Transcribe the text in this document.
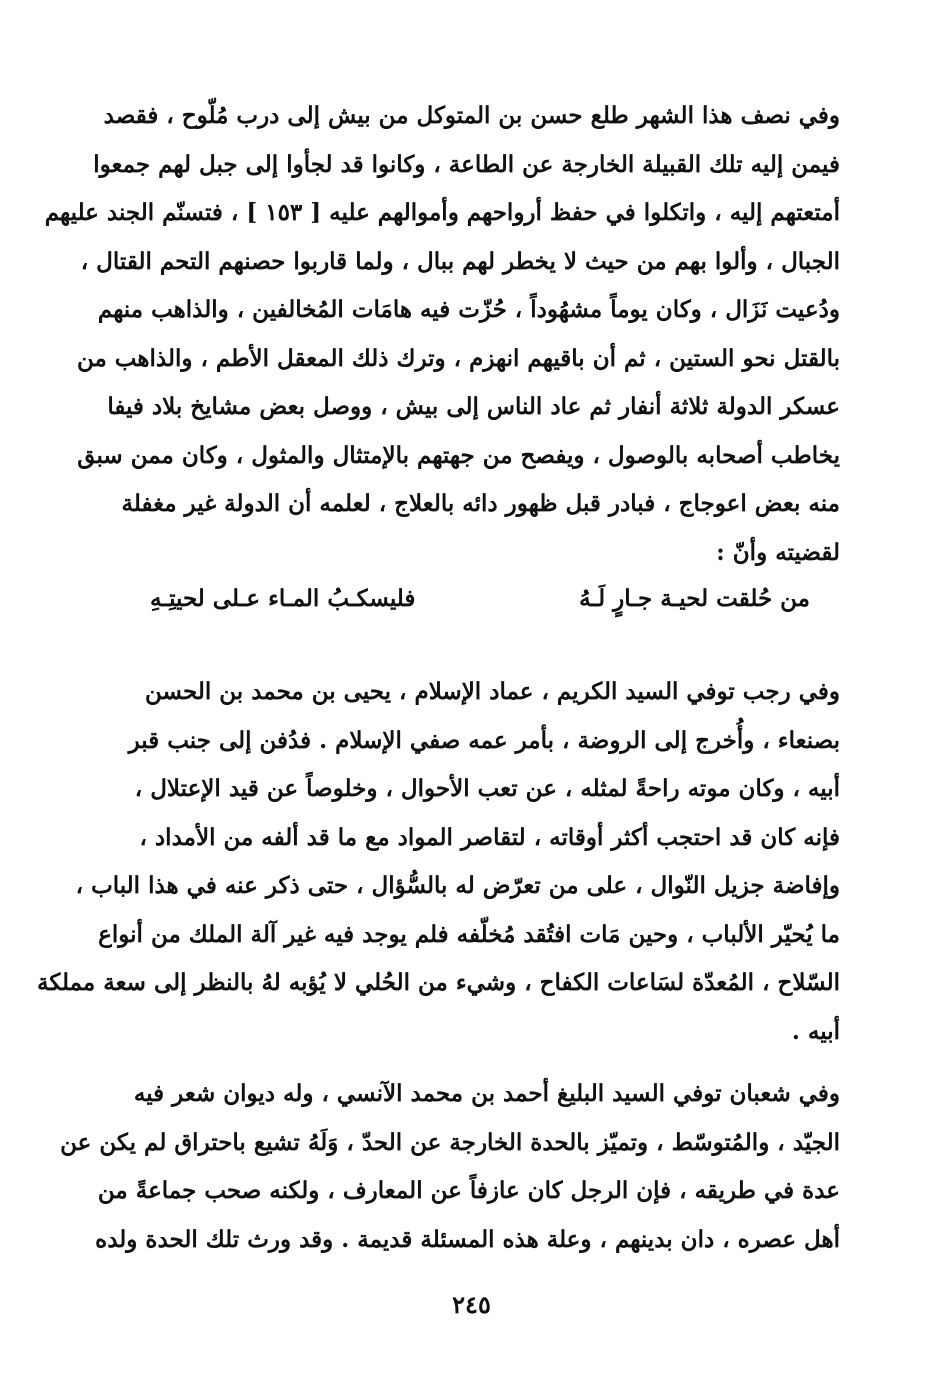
وفي نصف هذا الشهر طلع حسن بن المتوكل من بيش إلى درب مُلّوح ، فقصد
فيمن إليه تلك القبيلة الخارجة عن الطاعة ، وكانوا قد لجأوا إلى جبل لهم جمعوا
أمتعتهم إليه ، واتكلوا في حفظ أرواحهم وأموالهم عليه [ ١٥٣ ] ، فتسنّم الجند عليهم
الجبال ، وألوا بهم من حيث لا يخطر لهم ببال ، ولما قاربوا حصنهم التحم القتال ،
ودُعيت نَزَال ، وكان يوماً مشهُوداً ، حُزّت فيه هامَات المُخالفين ، والذاهب منهم
بالقتل نحو الستين ، ثم أن باقيهم انهزم ، وترك ذلك المعقل الأطم ، والذاهب من
عسكر الدولة ثلاثة أنفار ثم عاد الناس إلى بيش ، ووصل بعض مشايخ بلاد فيفا
يخاطب أصحابه بالوصول ، ويفصح من جهتهم بالإمتثال والمثول ، وكان ممن سبق
منه بعض اعوجاج ، فبادر قبل ظهور دائه بالعلاج ، لعلمه أن الدولة غير مغفلة
لقضيته وأنّ :
من حُلقت لحيـة جـارٍ لَـهُ
فليسكـبُ المـاء عـلى لحيتِـهِ
وفي رجب توفي السيد الكريم ، عماد الإسلام ، يحيى بن محمد بن الحسن
بصنعاء ، وأُخرج إلى الروضة ، بأمر عمه صفي الإسلام . فدُفن إلى جنب قبر
أبيه ، وكان موته راحةً لمثله ، عن تعب الأحوال ، وخلوصاً عن قيد الإعتلال ،
فإنه كان قد احتجب أكثر أوقاته ، لتقاصر المواد مع ما قد ألفه من الأمداد ،
وإفاضة جزيل النّوال ، على من تعرّض له بالسُّؤال ، حتى ذكر عنه في هذا الباب ،
ما يُحيّر الألباب ، وحين مَات افتُقد مُخلّفه فلم يوجد فيه غير آلة الملك من أنواع
السّلاح ، المُعدّة لسَاعات الكفاح ، وشيء من الحُلي لا يُؤبه لهُ بالنظر إلى سعة مملكة
أبيه .
وفي شعبان توفي السيد البليغ أحمد بن محمد الآنسي ، وله ديوان شعر فيه
الجيّد ، والمُتوسّط ، وتميّز بالحدة الخارجة عن الحدّ ، وَلَهُ تشيع باحتراق لم يكن عن
عدة في طريقه ، فإن الرجل كان عازفاً عن المعارف ، ولكنه صحب جماعةً من
أهل عصره ، دان بدينهم ، وعلة هذه المسئلة قديمة . وقد ورث تلك الحدة ولده
٢٤٥
